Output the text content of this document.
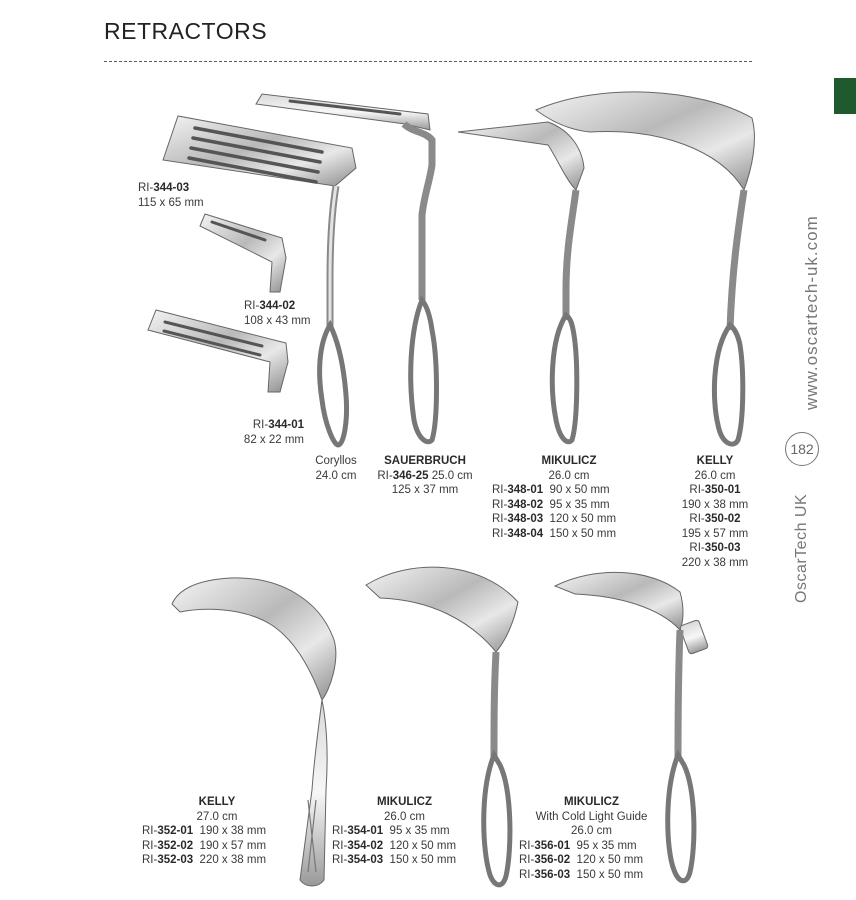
RETRACTORS
www.oscartech-uk.com
182
OscarTech UK
RI-344-03
115 x 65 mm
RI-344-02
108 x 43 mm
RI-344-01
82 x 22 mm
Coryllos
24.0 cm
SAUERBRUCH
RI-346-25 25.0 cm
125 x 37 mm
MIKULICZ
26.0 cm
RI-348-01 90 x 50 mm
RI-348-02 95 x 35 mm
RI-348-03 120 x 50 mm
RI-348-04 150 x 50 mm
KELLY
26.0 cm
RI-350-01
190 x 38 mm
RI-350-02
195 x 57 mm
RI-350-03
220 x 38 mm
KELLY
27.0 cm
RI-352-01 190 x 38 mm
RI-352-02 190 x 57 mm
RI-352-03 220 x 38 mm
MIKULICZ
26.0 cm
RI-354-01 95 x 35 mm
RI-354-02 120 x 50 mm
RI-354-03 150 x 50 mm
MIKULICZ
With Cold Light Guide
26.0 cm
RI-356-01 95 x 35 mm
RI-356-02 120 x 50 mm
RI-356-03 150 x 50 mm
